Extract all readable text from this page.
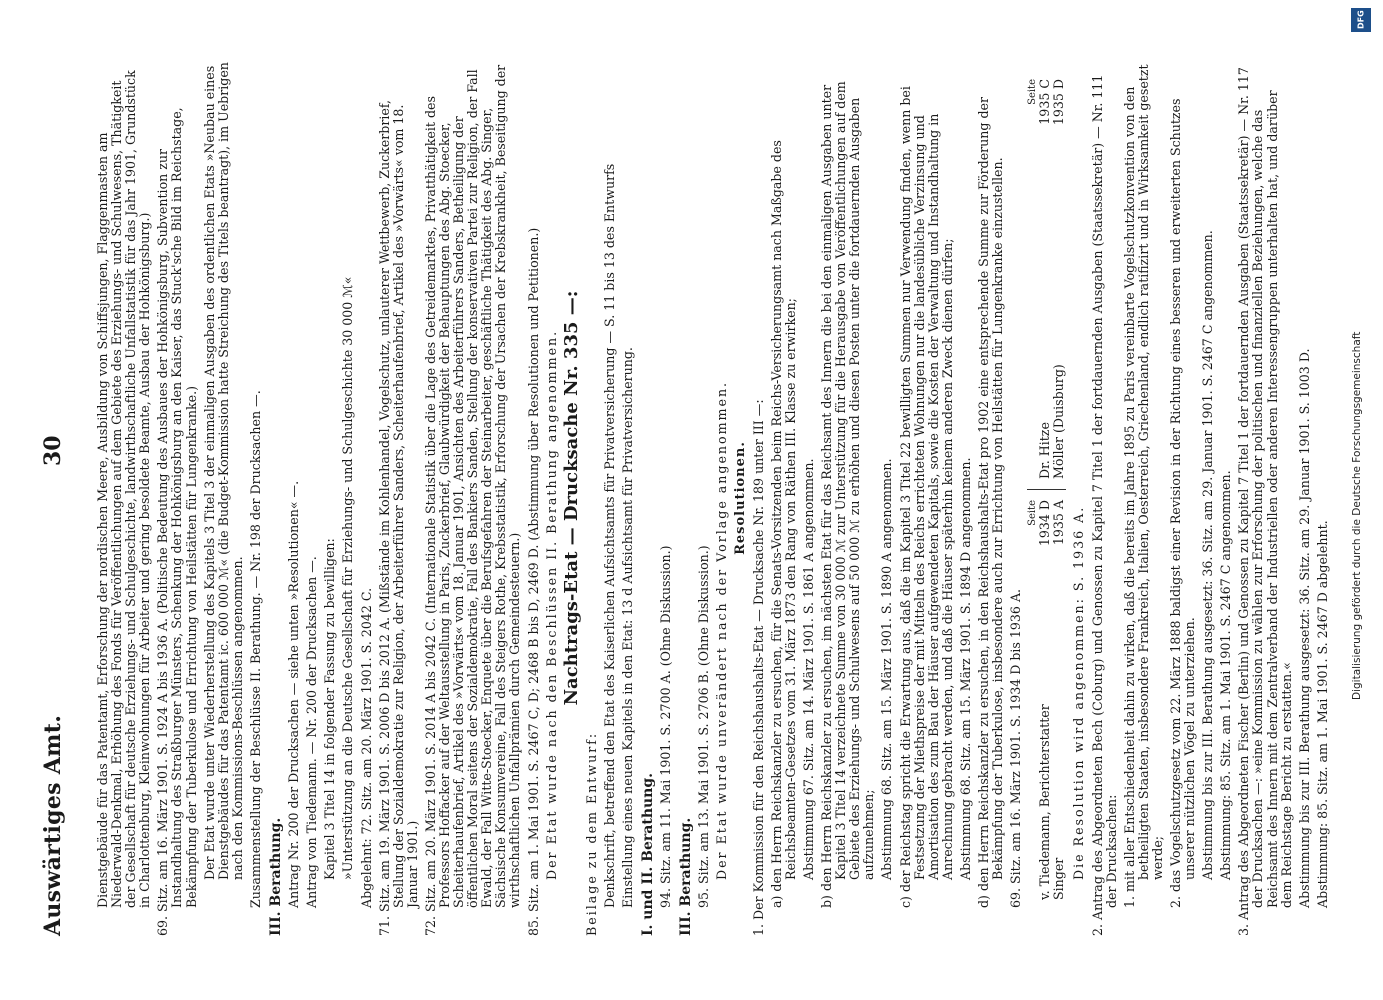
Auswärtiges Amt.
30 Dienstgebäude für das Patentamt, Erforschung der nordischen Meere, Ausbildung von Schiffsjungen, Flaggenmasten am Niederwald-Denkmal, Erhöhung des Fonds für Veröffentlichungen auf dem Gebiete des Erziehungs- und Schulwesens, Thätigkeit der Gesellschaft für deutsche Erziehungs- und Schulgeschichte, landwirthschaftliche Unfallstatistik für das Jahr 1901, Grundstück in Charlottenburg, Kleinwohnungen für Arbeiter und gering besoldete Beamte, Ausbau der Hohkönigsburg.) 69. Sitz. am 16. März 1901. S. 1924 A bis 1936 A. (Politische Bedeutung des Ausbaues der Hohkönigsburg, Subvention zur Instandhaltung des Straßburger Münsters, Schenkung der Hohkönigsburg an den Kaiser, das Stuck'sche Bild im Reichstage, Bekämpfung der Tuberkulose und Errichtung von Heilstätten für Lungenkranke.) Der Etat wurde unter Wiederherstellung des Kapitels 3 Titel 3 der einmaligen Ausgaben des ordentlichen Etats »Neubau eines Dienstgebäudes für das Patentamt ic. 600 000 ℳ« (die Budget-Kommission hatte Streichung des Titels beantragt), im Uebrigen nach den Kommissions-Beschlüssen angenommen. Zusammenstellung der Beschlüsse II. Berathung. — Nr. 198 der Drucksachen —. III. Berathung. Antrag Nr. 200 der Drucksachen — siehe unten »Resolutionen« —. Antrag von Tiedemann. — Nr. 200 der Drucksachen —. Kapitel 3 Titel 14 in folgender Fassung zu bewilligen: »Unterstützung an die Deutsche Gesellschaft für Erziehungs- und Schulgeschichte 30 000 ℳ« Abgelehnt: 72. Sitz. am 20. März 1901. S. 2042 C. 71. Sitz. am 19. März 1901. S. 2006 D bis 2012 A. (Mißstände im Kohlenhandel, Vogelschutz, unlauterer Wettbewerb, Zuckerbrief, Stellung der Sozialdemokratie zur Religion, der Arbeiterführer Sanders, Scheiterhaufenbrief, Artikel des »Vorwärts« vom 18. Januar 1901.) 72. Sitz. am 20. März 1901. S. 2014 A bis 2042 C. (Internationale Statistik über die Lage des Getreidemarktes, Privatthätigkeit des Professors Hoffacker auf der Weltausstellung in Paris, Zuckerbrief, Glaubwürdigkeit der Behauptungen des Abg. Stoecker, Scheiterhaufenbrief, Artikel des »Vorwärts« vom 18. Januar 1901, Ansichten des Arbeiterführers Sanders, Betheiligung der öffentlichen Moral seitens der Sozialdemokratie, Fall des Bankiers Sanden, Stellung der konservativen Partei zur Religion, der Fall Ewald, der Fall Witte-Stoecker, Enquete über die Berufsgefahren der Steinarbeiter, geschäftliche Thätigkeit des Abg. Singer, Sächsische Konsumvereine, Fall des Steigers Rothe, Krebsstatistik, Erforschung der Ursachen der Krebskrankheit, Beseitigung der wirthschaftlichen Unfallprämien durch Gemeindesteuern.) 85. Sitz. am 1. Mai 1901. S. 2467 C, D; 2468 B bis D, 2469 D. (Abstimmung über Resolutionen und Petitionen.) Der Etat wurde nach den Beschlüssen II. Berathung angenommen. Nachtrags-Etat — Drucksache Nr. 335 —:

Beilage zu dem Entwurf: Denkschrift, betreffend den Etat des Kaiserlichen Aufsichtsamts für Privatversicherung — S. 11 bis 13 des Entwurfs Einstellung eines neuen Kapitels in den Etat: 13 d Aufsichtsamt für Privatversicherung. I. und II. Berathung. 94. Sitz. am 11. Mai 1901. S. 2700 A. (Ohne Diskussion.) III. Berathung. 95. Sitz. am 13. Mai 1901. S. 2706 B. (Ohne Diskussion.) Der Etat wurde unverändert nach der Vorlage angenommen. Resolutionen. 1. Der Kommission für den Reichshaushalts-Etat — Drucksache Nr. 189 unter III —: a) den Herrn Reichskanzler zu ersuchen, für die Senats-Vorsitzenden beim Reichs-Versicherungsamt nach Maßgabe des Reichsbeamten-Gesetzes vom 31. März 1873 den Rang von Räthen III. Klasse zu erwirken; Abstimmung 67. Sitz. am 14. März 1901. S. 1861 A angenommen. b) den Herrn Reichskanzler zu ersuchen, im nächsten Etat für das Reichsamt des Innern die bei den einmaligen Ausgaben unter Kapitel 3 Titel 14 verzeichnete Summe von 30 000 ℳ zur Unterstützung für die Herausgabe von Veröffentlichungen auf dem Gebiete des Erziehungs- und Schulwesens auf 50 000 ℳ zu erhöhen und diesen Posten unter die fortdauernden Ausgaben aufzunehmen; Abstimmung 68. Sitz. am 15. März 1901. S. 1890 A angenommen. c) der Reichstag spricht die Erwartung aus, daß die im Kapitel 3 Titel 22 bewilligten Summen nur Verwendung finden, wenn bei Festsetzung der Miethspreise der mit Mitteln des Reichs errichteten Wohnungen nur die landesübliche Verzinsung und Amortisation des zum Bau der Häuser aufgewendeten Kapitals, sowie die Kosten der Verwaltung und Instandhaltung in Anrechnung gebracht werden, und daß die Häuser späterhin keinem anderen Zweck dienen dürfen; Abstimmung 68. Sitz. am 15. März 1901. S. 1894 D angenommen. d) den Herrn Reichskanzler zu ersuchen, in den Reichshaushalts-Etat pro 1902 eine entsprechende Summe zur Förderung der Bekämpfung der Tuberkulose, insbesondere auch zur Errichtung von Heilstätten für Lungenkranke einzustellen. 69. Sitz. am 16. März 1901. S. 1934 D bis 1936 A.

Seite
v. Tiedemann, Berichterstatter
1934 D
Singer
1935 A
Seite
Dr. Hitze
1935 C
Möller (Duisburg)
1935 D

Die Resolution wird angenommen: S. 1936 A. 2. Antrag des Abgeordneten Bech (Coburg) und Genossen zu Kapitel 7 Titel 1 der fortdauernden Ausgaben (Staatssekretär) — Nr. 111 der Drucksachen: 1. mit aller Entschiedenheit dahin zu wirken, daß die bereits im Jahre 1895 zu Paris vereinbarte Vogelschutzkonvention von den betheiligten Staaten, insbesondere Frankreich, Italien, Oesterreich, Griechenland, endlich ratifizirt und in Wirksamkeit gesetzt werde; 2. das Vogelschutzgesetz vom 22. März 1888 baldigst einer Revision in der Richtung eines besseren und erweiterten Schutzes unserer nützlichen Vögel zu unterziehen. Abstimmung bis zur III. Berathung ausgesetzt: 36. Sitz. am 29. Januar 1901. S. 2467 C angenommen. Abstimmung: 85. Sitz. am 1. Mai 1901. S. 2467 C angenommen. 3. Antrag des Abgeordneten Fischer (Berlin) und Genossen zu Kapitel 7 Titel 1 der fortdauernden Ausgaben (Staatssekretär) — Nr. 117 der Drucksachen —: »eine Kommission zu wählen zur Erforschung der politischen und finanziellen Beziehungen, welche das Reichsamt des Innern mit dem Zentralverband der Industriellen oder anderen Interessengruppen unterhalten hat, und darüber dem Reichstage Bericht zu erstatten.« Abstimmung bis zur III. Berathung ausgesetzt: 36. Sitz. am 29. Januar 1901. S. 1003 D. Abstimmung: 85. Sitz. am 1. Mai 1901. S. 2467 D abgelehnt.

DFG
Digitalisierung gefördert durch die Deutsche Forschungsgemeinschaft
